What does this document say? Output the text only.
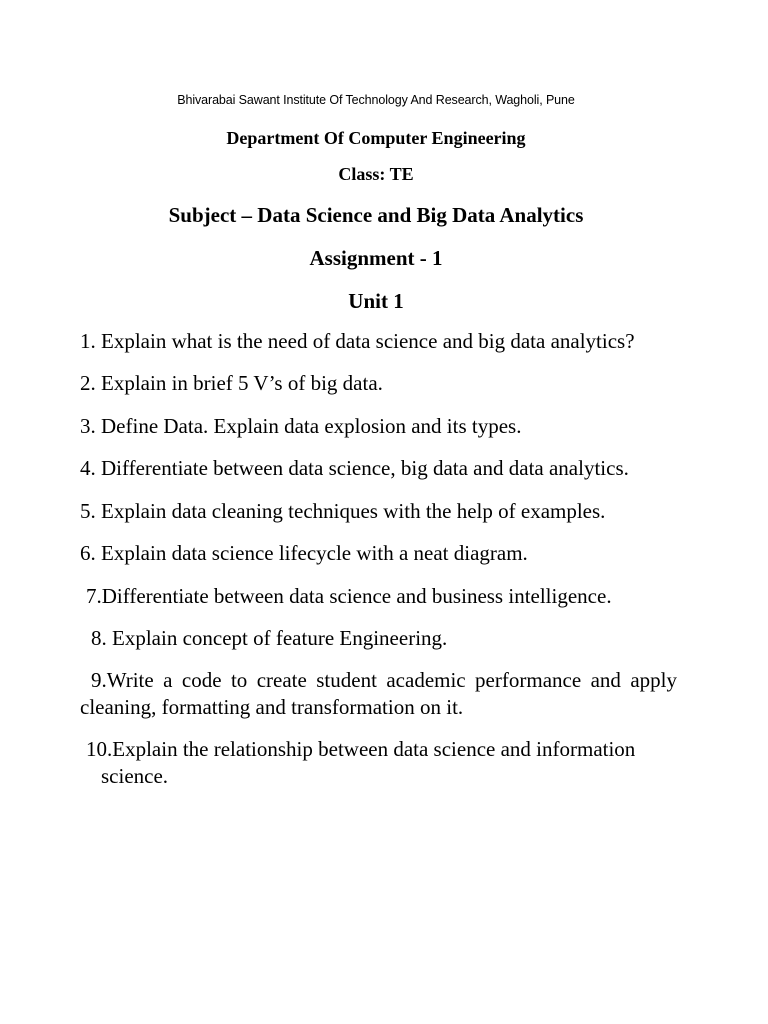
Bhivarabai Sawant Institute Of Technology And Research, Wagholi, Pune
Department Of Computer Engineering
Class: TE
Subject – Data Science and Big Data Analytics
Assignment - 1
Unit 1
1. Explain what is the need of data science and big data analytics?
2. Explain in brief 5 V’s of big data.
3. Define Data. Explain data explosion and its types.
4. Differentiate between data science, big data and data analytics.
5. Explain data cleaning techniques with the help of examples.
6. Explain data science lifecycle with a neat diagram.
7.Differentiate between data science and business intelligence.
8. Explain concept of feature Engineering.
9.Write a code to create student academic performance and apply cleaning, formatting and transformation on it.
10.Explain the relationship between data science and information science.
